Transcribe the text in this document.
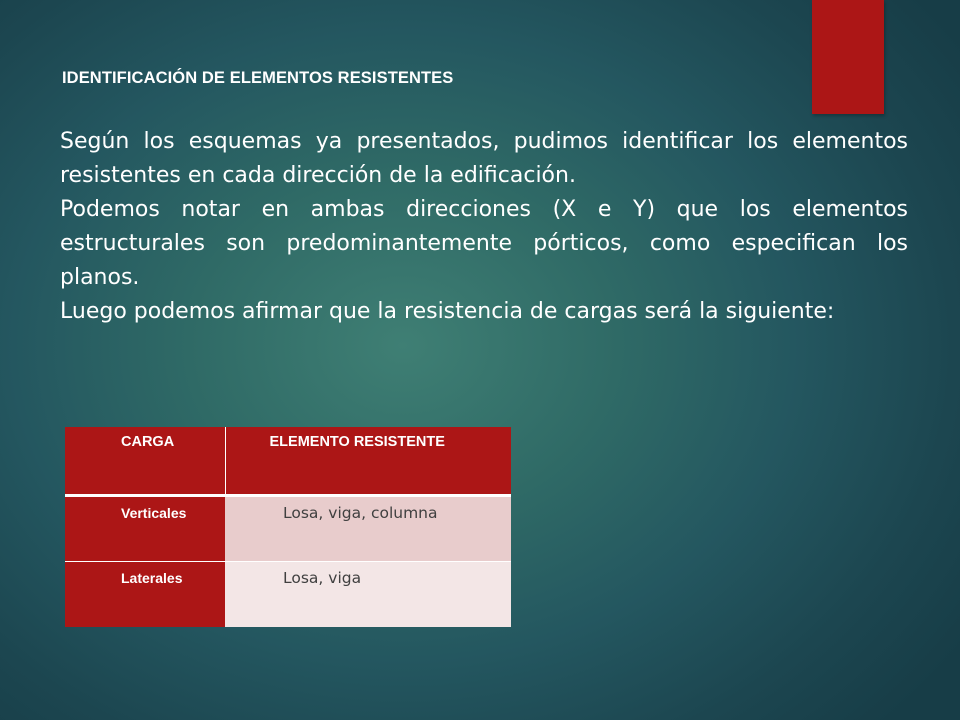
IDENTIFICACIÓN DE ELEMENTOS RESISTENTES

Según los esquemas ya presentados, pudimos identificar los elementos resistentes en cada dirección de la edificación.

Podemos notar en ambas direcciones (X e Y) que los elementos estructurales son predominantemente pórticos, como especifican los planos.

Luego podemos afirmar que la resistencia de cargas será la siguiente:

CARGA	ELEMENTO RESISTENTE
Verticales	Losa, viga, columna
Laterales	Losa, viga
